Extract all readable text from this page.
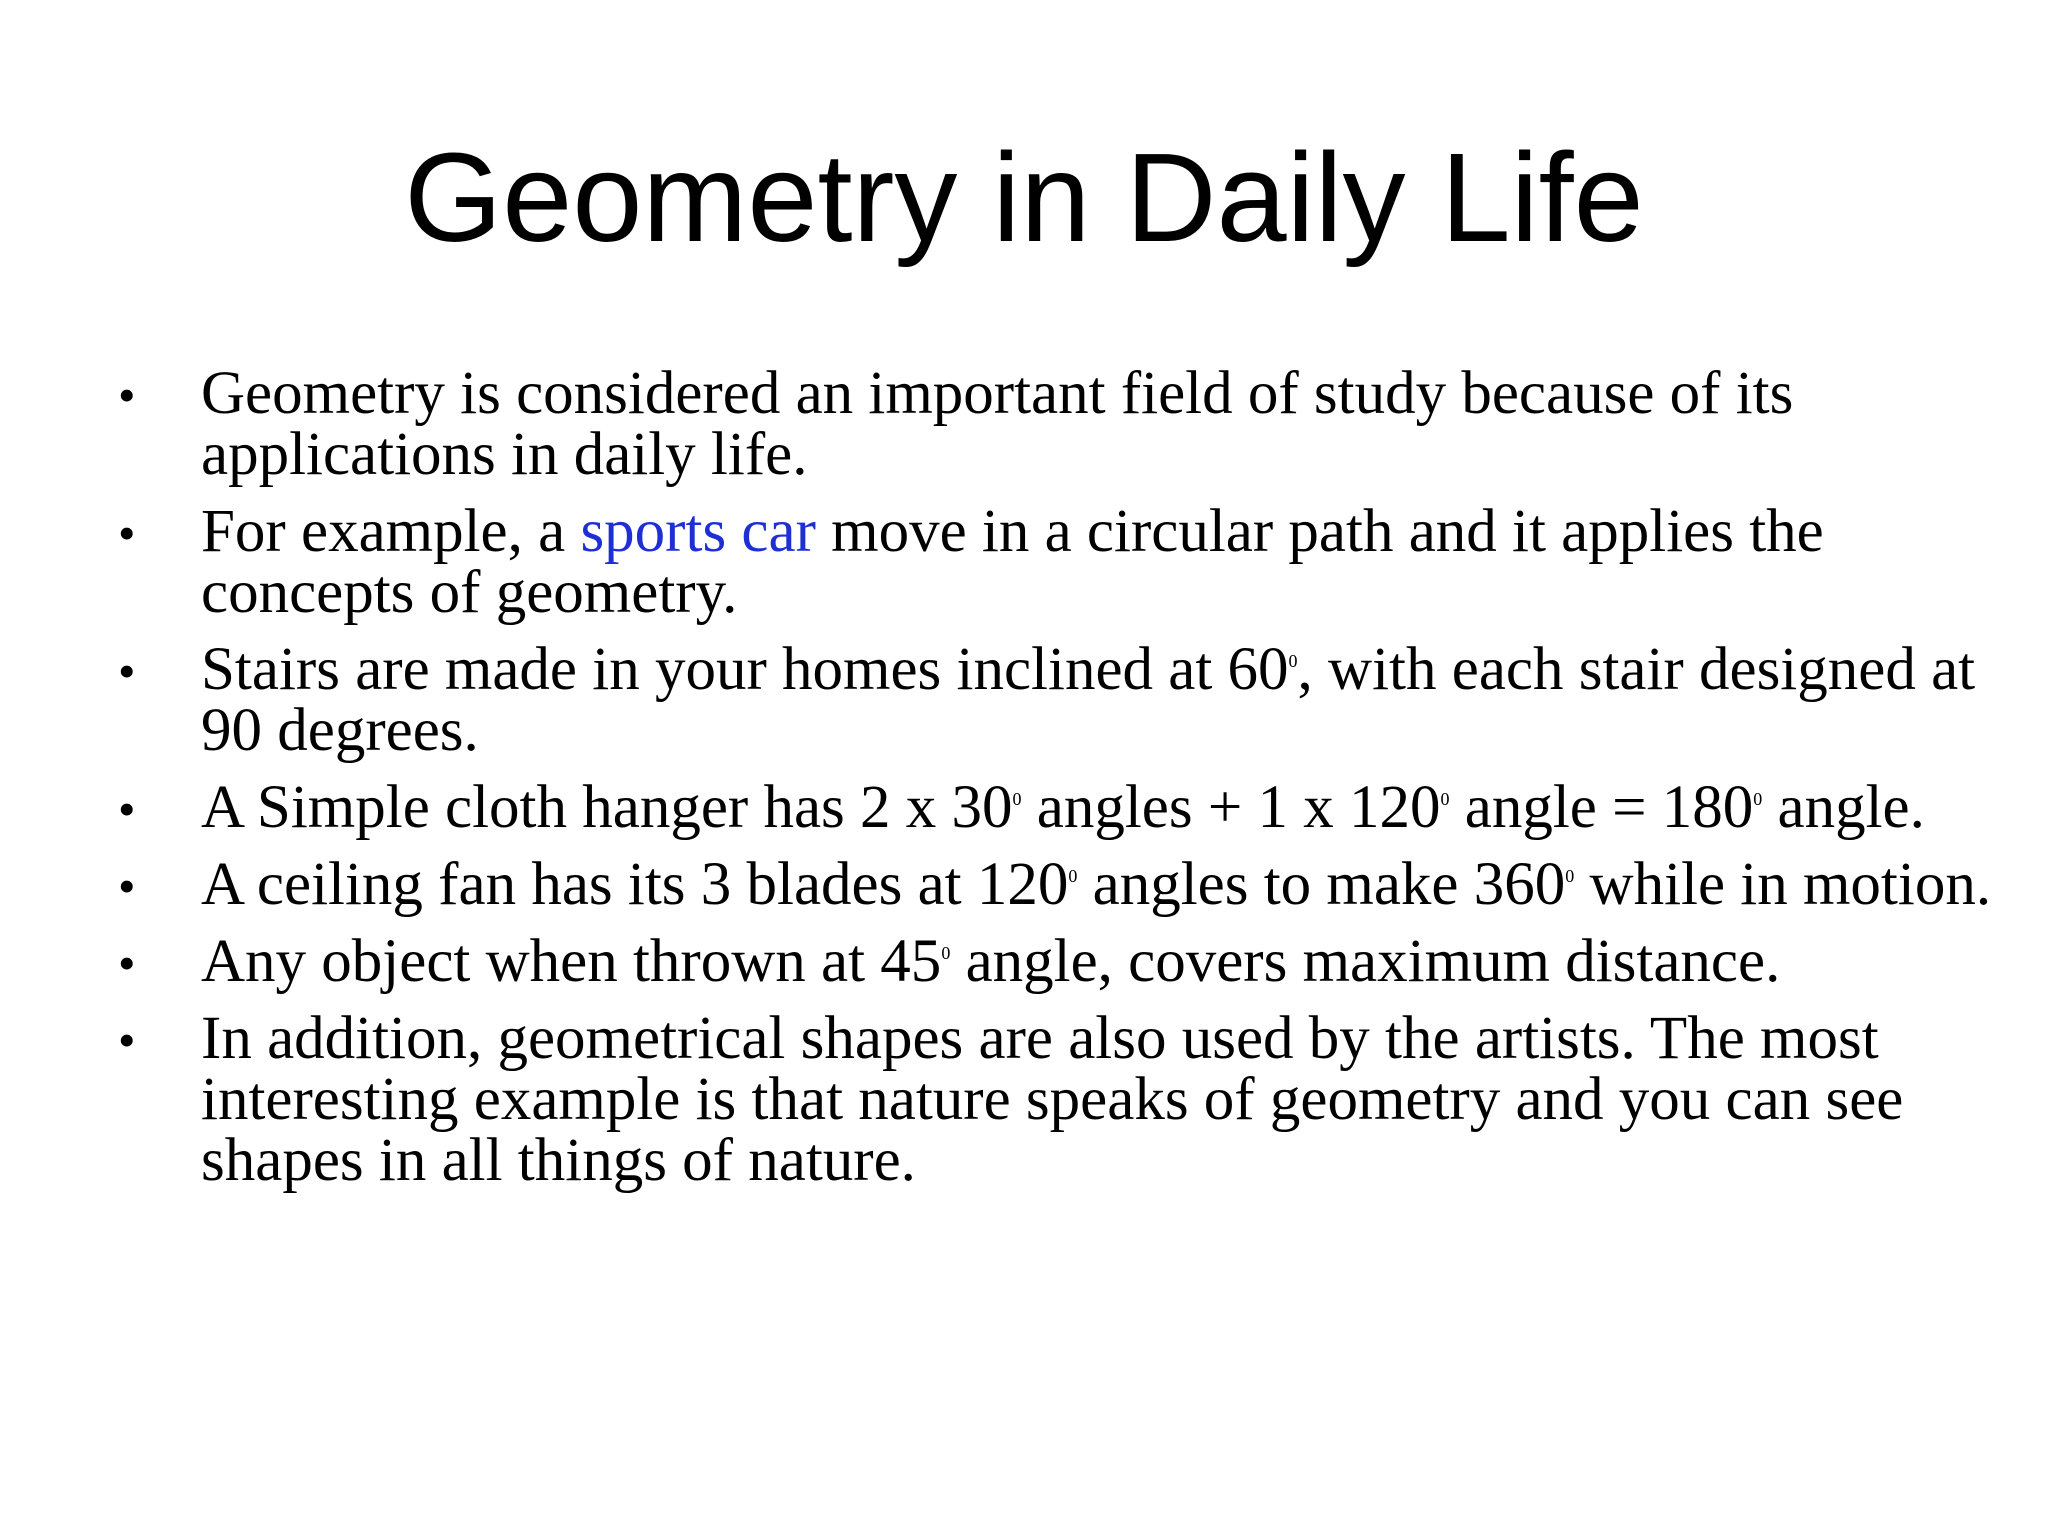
Geometry in Daily Life
•	Geometry is considered an important field of study because of its applications in daily life.
•	For example, a sports car move in a circular path and it applies the concepts of geometry.
•	Stairs are made in your homes inclined at $60^0$, with each stair designed at 90 degrees.
•	A Simple cloth hanger has 2 x $30^0$ angles + 1 x $120^0$ angle = $180^0$ angle.
•	A ceiling fan has its 3 blades at $120^0$ angles to make $360^0$ while in motion.
•	Any object when thrown at $45^0$ angle, covers maximum distance.
•	In addition, geometrical shapes are also used by the artists. The most interesting example is that nature speaks of geometry and you can see shapes in all things of nature.
